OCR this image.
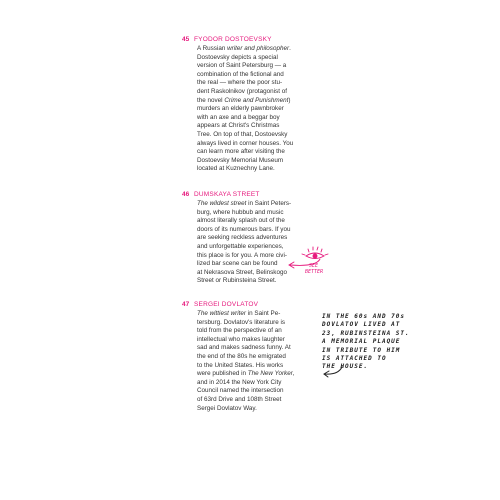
45 FYODOR DOSTOEVSKY
A Russian writer and philosopher.
Dostoevsky depicts a special
version of Saint Petersburg — a
combination of the fictional and
the real — where the poor stu-
dent Raskolnikov (protagonist of
the novel Crime and Punishment)
murders an elderly pawnbroker
with an axe and a beggar boy
appears at Christ's Christmas
Tree. On top of that, Dostoevsky
always lived in corner houses. You
can learn more after visiting the
Dostoevsky Memorial Museum
located at Kuznechny Lane.
46 DUMSKAYA STREET
The wildest street in Saint Peters-
burg, where hubbub and music
almost literally splash out of the
doors of its numerous bars. If you
are seeking reckless adventures
and unforgettable experiences,
this place is for you. A more civi-
lized bar scene can be found
at Nekrasova Street, Belinskogo
Street or Rubinsteina Street.
47 SERGEI DOVLATOV
The wittiest writer in Saint Pe-
tersburg. Dovlatov's literature is
told from the perspective of an
intellectual who makes laughter
sad and makes sadness funny. At
the end of the 80s he emigrated
to the United States. His works
were published in The New Yorker,
and in 2014 the New York City
Council named the intersection
of 63rd Drive and 108th Street
Sergei Dovlatov Way.
SEE
BETTER
IN THE 60s AND 70s
DOVLATOV LIVED AT
23, RUBINSTEINA ST.
A MEMORIAL PLAQUE
IN TRIBUTE TO HIM
IS ATTACHED TO
THE HOUSE.
